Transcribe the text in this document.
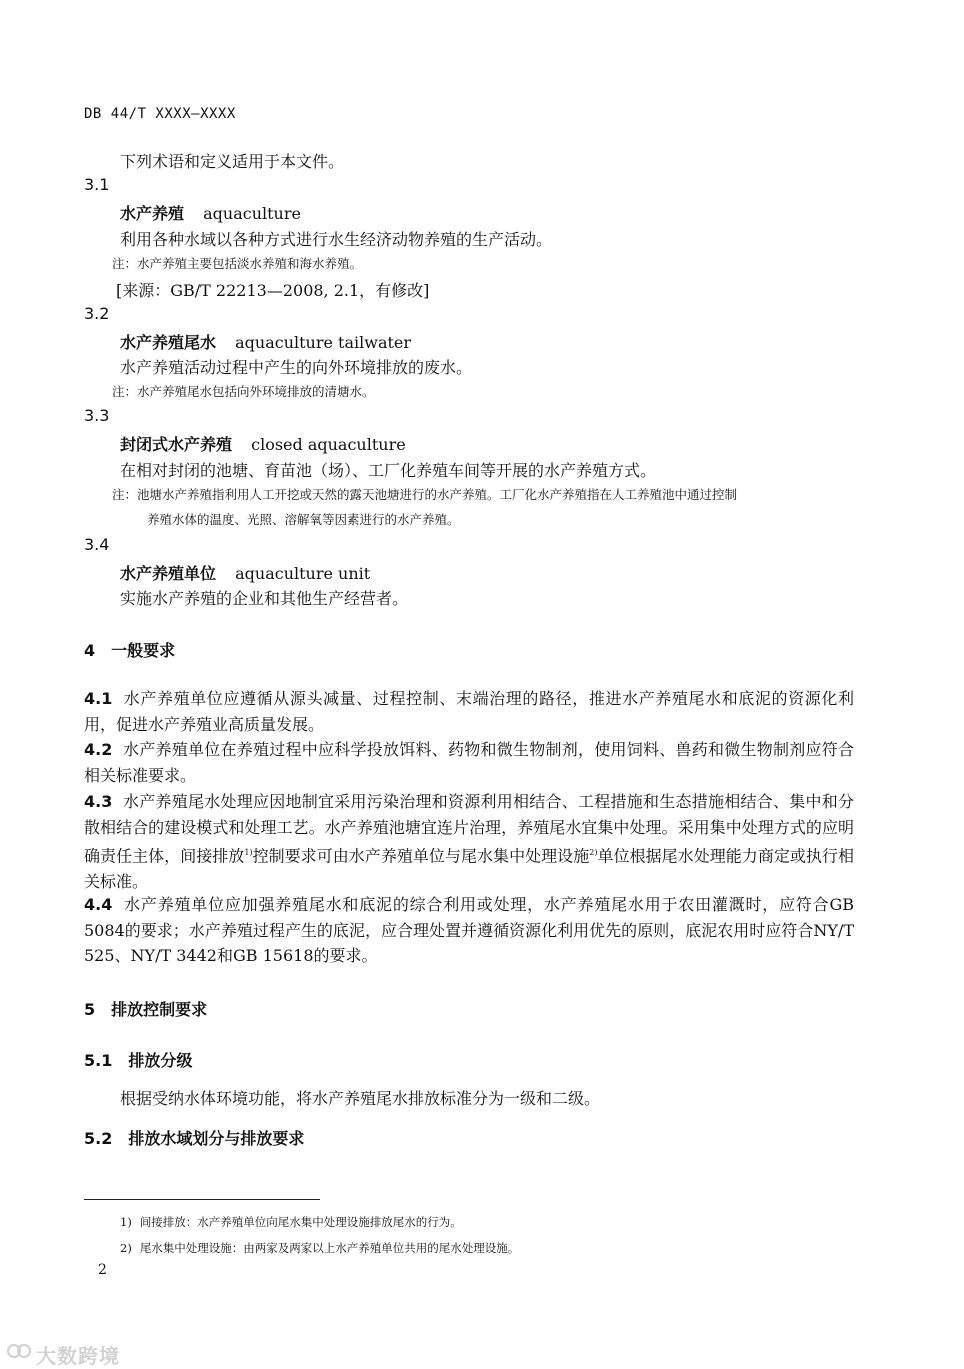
DB 44/T XXXX—XXXX
下列术语和定义适用于本文件。
3.1
水产养殖 aquaculture
利用各种水域以各种方式进行水生经济动物养殖的生产活动。
注：水产养殖主要包括淡水养殖和海水养殖。
[来源：GB/T 22213—2008, 2.1，有修改]
3.2
水产养殖尾水 aquaculture tailwater
水产养殖活动过程中产生的向外环境排放的废水。
注：水产养殖尾水包括向外环境排放的清塘水。
3.3
封闭式水产养殖 closed aquaculture
在相对封闭的池塘、育苗池（场）、工厂化养殖车间等开展的水产养殖方式。
注：池塘水产养殖指利用人工开挖或天然的露天池塘进行的水产养殖。工厂化水产养殖指在人工养殖池中通过控制
养殖水体的温度、光照、溶解氧等因素进行的水产养殖。
3.4
水产养殖单位 aquaculture unit
实施水产养殖的企业和其他生产经营者。
4 一般要求
4.1 水产养殖单位应遵循从源头减量、过程控制、末端治理的路径，推进水产养殖尾水和底泥的资源化利用，促进水产养殖业高质量发展。
4.2 水产养殖单位在养殖过程中应科学投放饵料、药物和微生物制剂，使用饲料、兽药和微生物制剂应符合相关标准要求。
4.3 水产养殖尾水处理应因地制宜采用污染治理和资源利用相结合、工程措施和生态措施相结合、集中和分散相结合的建设模式和处理工艺。水产养殖池塘宜连片治理，养殖尾水宜集中处理。采用集中处理方式的应明确责任主体，间接排放$^{1)}$控制要求可由水产养殖单位与尾水集中处理设施$^{2)}$单位根据尾水处理能力商定或执行相关标准。
4.4 水产养殖单位应加强养殖尾水和底泥的综合利用或处理，水产养殖尾水用于农田灌溉时，应符合GB 5084的要求；水产养殖过程产生的底泥，应合理处置并遵循资源化利用优先的原则，底泥农用时应符合NY/T 525、NY/T 3442和GB 15618的要求。
5 排放控制要求
5.1 排放分级
根据受纳水体环境功能，将水产养殖尾水排放标准分为一级和二级。
5.2 排放水域划分与排放要求
1) 间接排放：水产养殖单位向尾水集中处理设施排放尾水的行为。
2) 尾水集中处理设施：由两家及两家以上水产养殖单位共用的尾水处理设施。
2
大数跨境
